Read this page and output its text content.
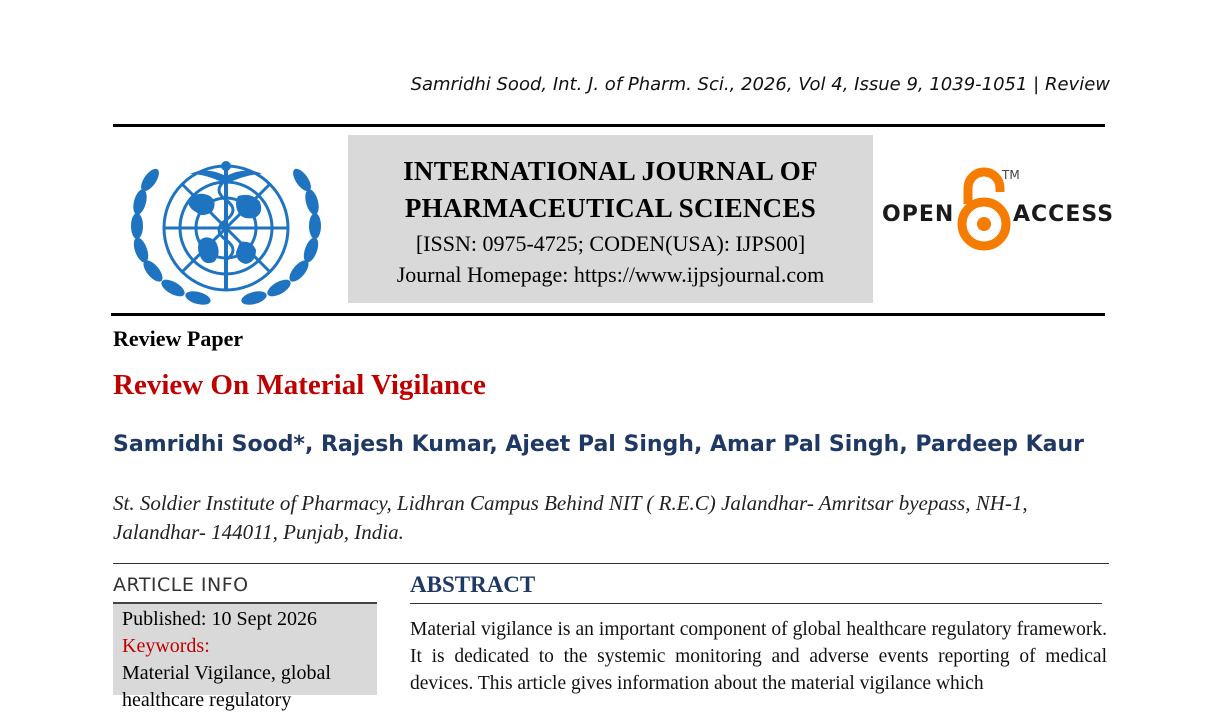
Samridhi Sood, Int. J. of Pharm. Sci., 2026, Vol 4, Issue 9, 1039-1051 | Review
INTERNATIONAL JOURNAL OF
PHARMACEUTICAL SCIENCES
[ISSN: 0975-4725; CODEN(USA): IJPS00]
Journal Homepage: https://www.ijpsjournal.com
OPEN
TM
ACCESS
Review Paper
Review On Material Vigilance
Samridhi Sood*, Rajesh Kumar, Ajeet Pal Singh, Amar Pal Singh, Pardeep Kaur
St. Soldier Institute of Pharmacy, Lidhran Campus Behind NIT ( R.E.C) Jalandhar- Amritsar byepass, NH-1,
Jalandhar- 144011, Punjab, India.
ARTICLE INFO
Published: 10 Sept 2026
Keywords:
Material Vigilance, global
healthcare regulatory
ABSTRACT
Material vigilance is an important component of global healthcare regulatory framework. It is dedicated to the systemic monitoring and adverse events reporting of medical devices. This article gives information about the material vigilance which
